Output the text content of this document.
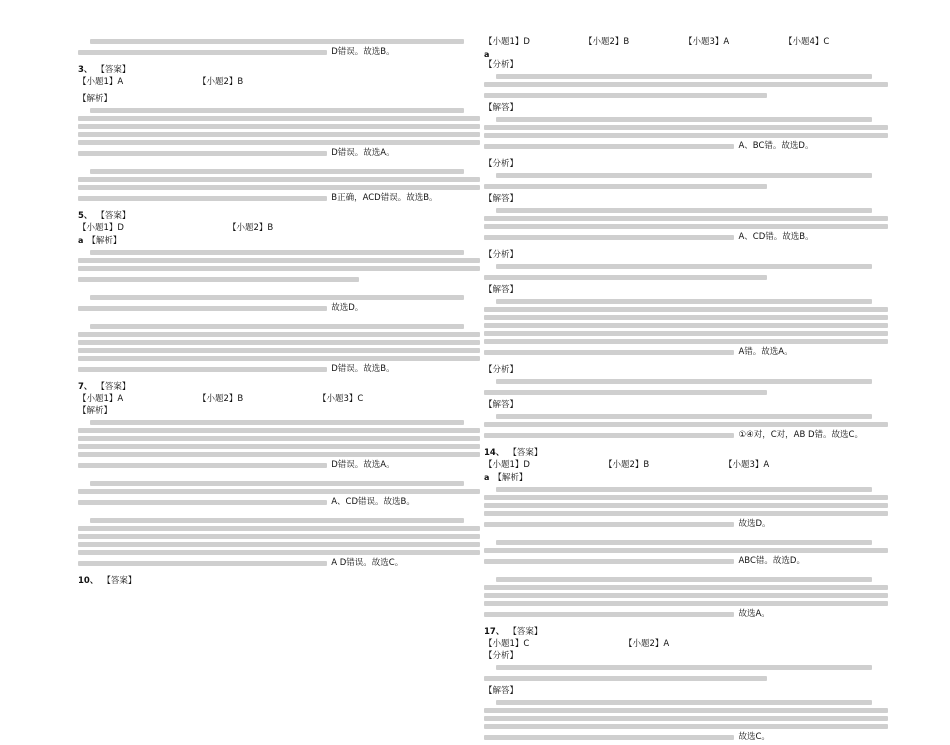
D错误。故选B。
3、 【答案】
【小题1】A	【小题2】B
【解析】
D错误。故选A。
B正确，ACD错误。故选B。
5、 【答案】
【小题1】D	【小题2】B
a 【解析】
故选D。
D错误。故选B。
7、 【答案】
【小题1】A	【小题2】B	【小题3】C
【解析】
D错误。故选A。
A、CD错误。故选B。
A D错误。故选C。
10、 【答案】
【小题1】D	【小题2】B	【小题3】A	【小题4】C
a
【分析】
【解答】
A、BC错。故选D。
【分析】
【解答】
A、CD错。故选B。
【分析】
【解答】
A错。故选A。
【分析】
【解答】
①④对，C对，AB D错。故选C。
14、 【答案】
【小题1】D	【小题2】B	【小题3】A
a 【解析】
故选D。
ABC错。故选D。
故选A。
17、 【答案】
【小题1】C	【小题2】A
【分析】
【解答】
故选C。
